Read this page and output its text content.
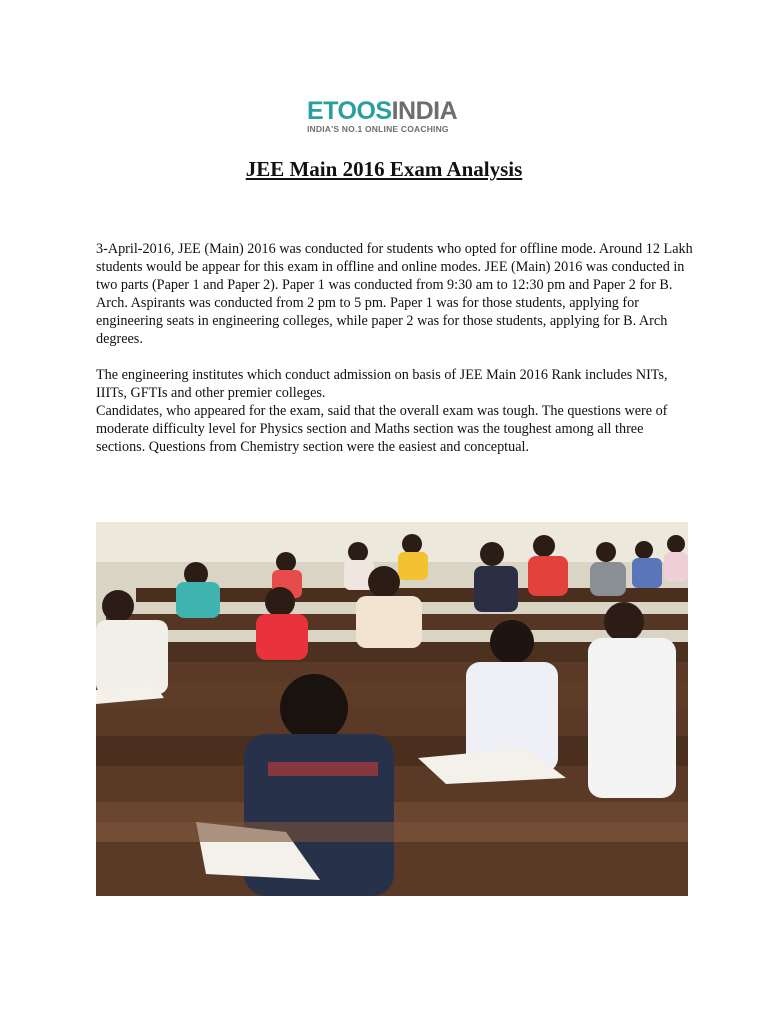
ETOOSINDIA
INDIA'S NO.1 ONLINE COACHING
JEE Main 2016 Exam Analysis

3-April-2016, JEE (Main) 2016 was conducted for students who opted for offline mode. Around 12 Lakh students would be appear for this exam in offline and online modes. JEE (Main) 2016 was conducted in two parts (Paper 1 and Paper 2). Paper 1 was conducted from 9:30 am to 12:30 pm and Paper 2 for B. Arch. Aspirants was conducted from 2 pm to 5 pm. Paper 1 was for those students, applying for engineering seats in engineering colleges, while paper 2 was for those students, applying for B. Arch degrees.

The engineering institutes which conduct admission on basis of JEE Main 2016 Rank includes NITs, IIITs, GFTIs and other premier colleges.

Candidates, who appeared for the exam, said that the overall exam was tough. The questions were of moderate difficulty level for Physics section and Maths section was the toughest among all three sections. Questions from Chemistry section were the easiest and conceptual.
